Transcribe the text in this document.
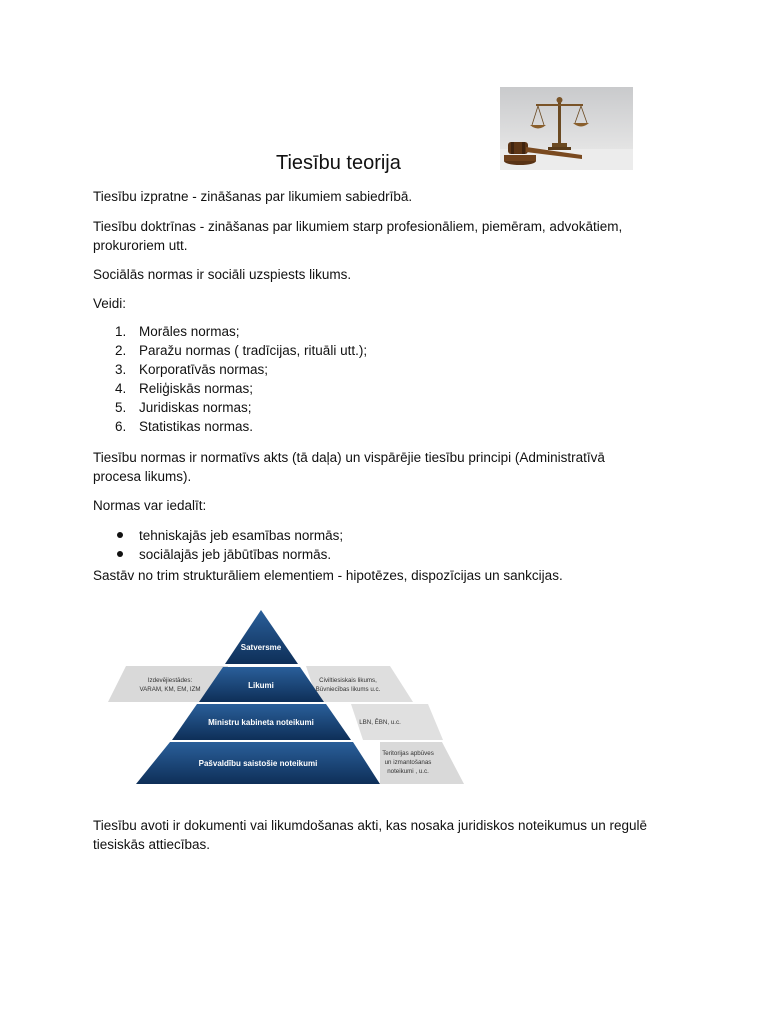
Tiesību teorija

Tiesību izpratne - zināšanas par likumiem sabiedrībā.

Tiesību doktrīnas - zināšanas par likumiem starp profesionāliem, piemēram, advokātiem, prokuroriem utt.

Sociālās normas ir sociāli uzspiests likums.

Veidi:

1. Morāles normas;
2. Paražu normas ( tradīcijas, rituāli utt.);
3. Korporatīvās normas;
4. Reliģiskās normas;
5. Juridiskas normas;
6. Statistikas normas.

Tiesību normas ir normatīvs akts (tā daļa) un vispārējie tiesību principi (Administratīvā procesa likums).

Normas var iedalīt:

tehniskajās jeb esamības normās;
sociālajās jeb jābūtības normās.

Sastāv no trim strukturāliem elementiem - hipotēzes, dispozīcijas un sankcijas.

Satversme
Likumi
Ministru kabineta noteikumi
Pašvaldību saistošie noteikumi
Izdevējiestādes:
VARAM, KM, EM, IZM
Civiltiesiskais likums,
Būvniecības likums u.c.
LBN, ĒBN, u.c.
Teritorijas apbūves
un izmantošanas
noteikumi , u.c.

Tiesību avoti ir dokumenti vai likumdošanas akti, kas nosaka juridiskos noteikumus un regulē tiesiskās attiecības.
